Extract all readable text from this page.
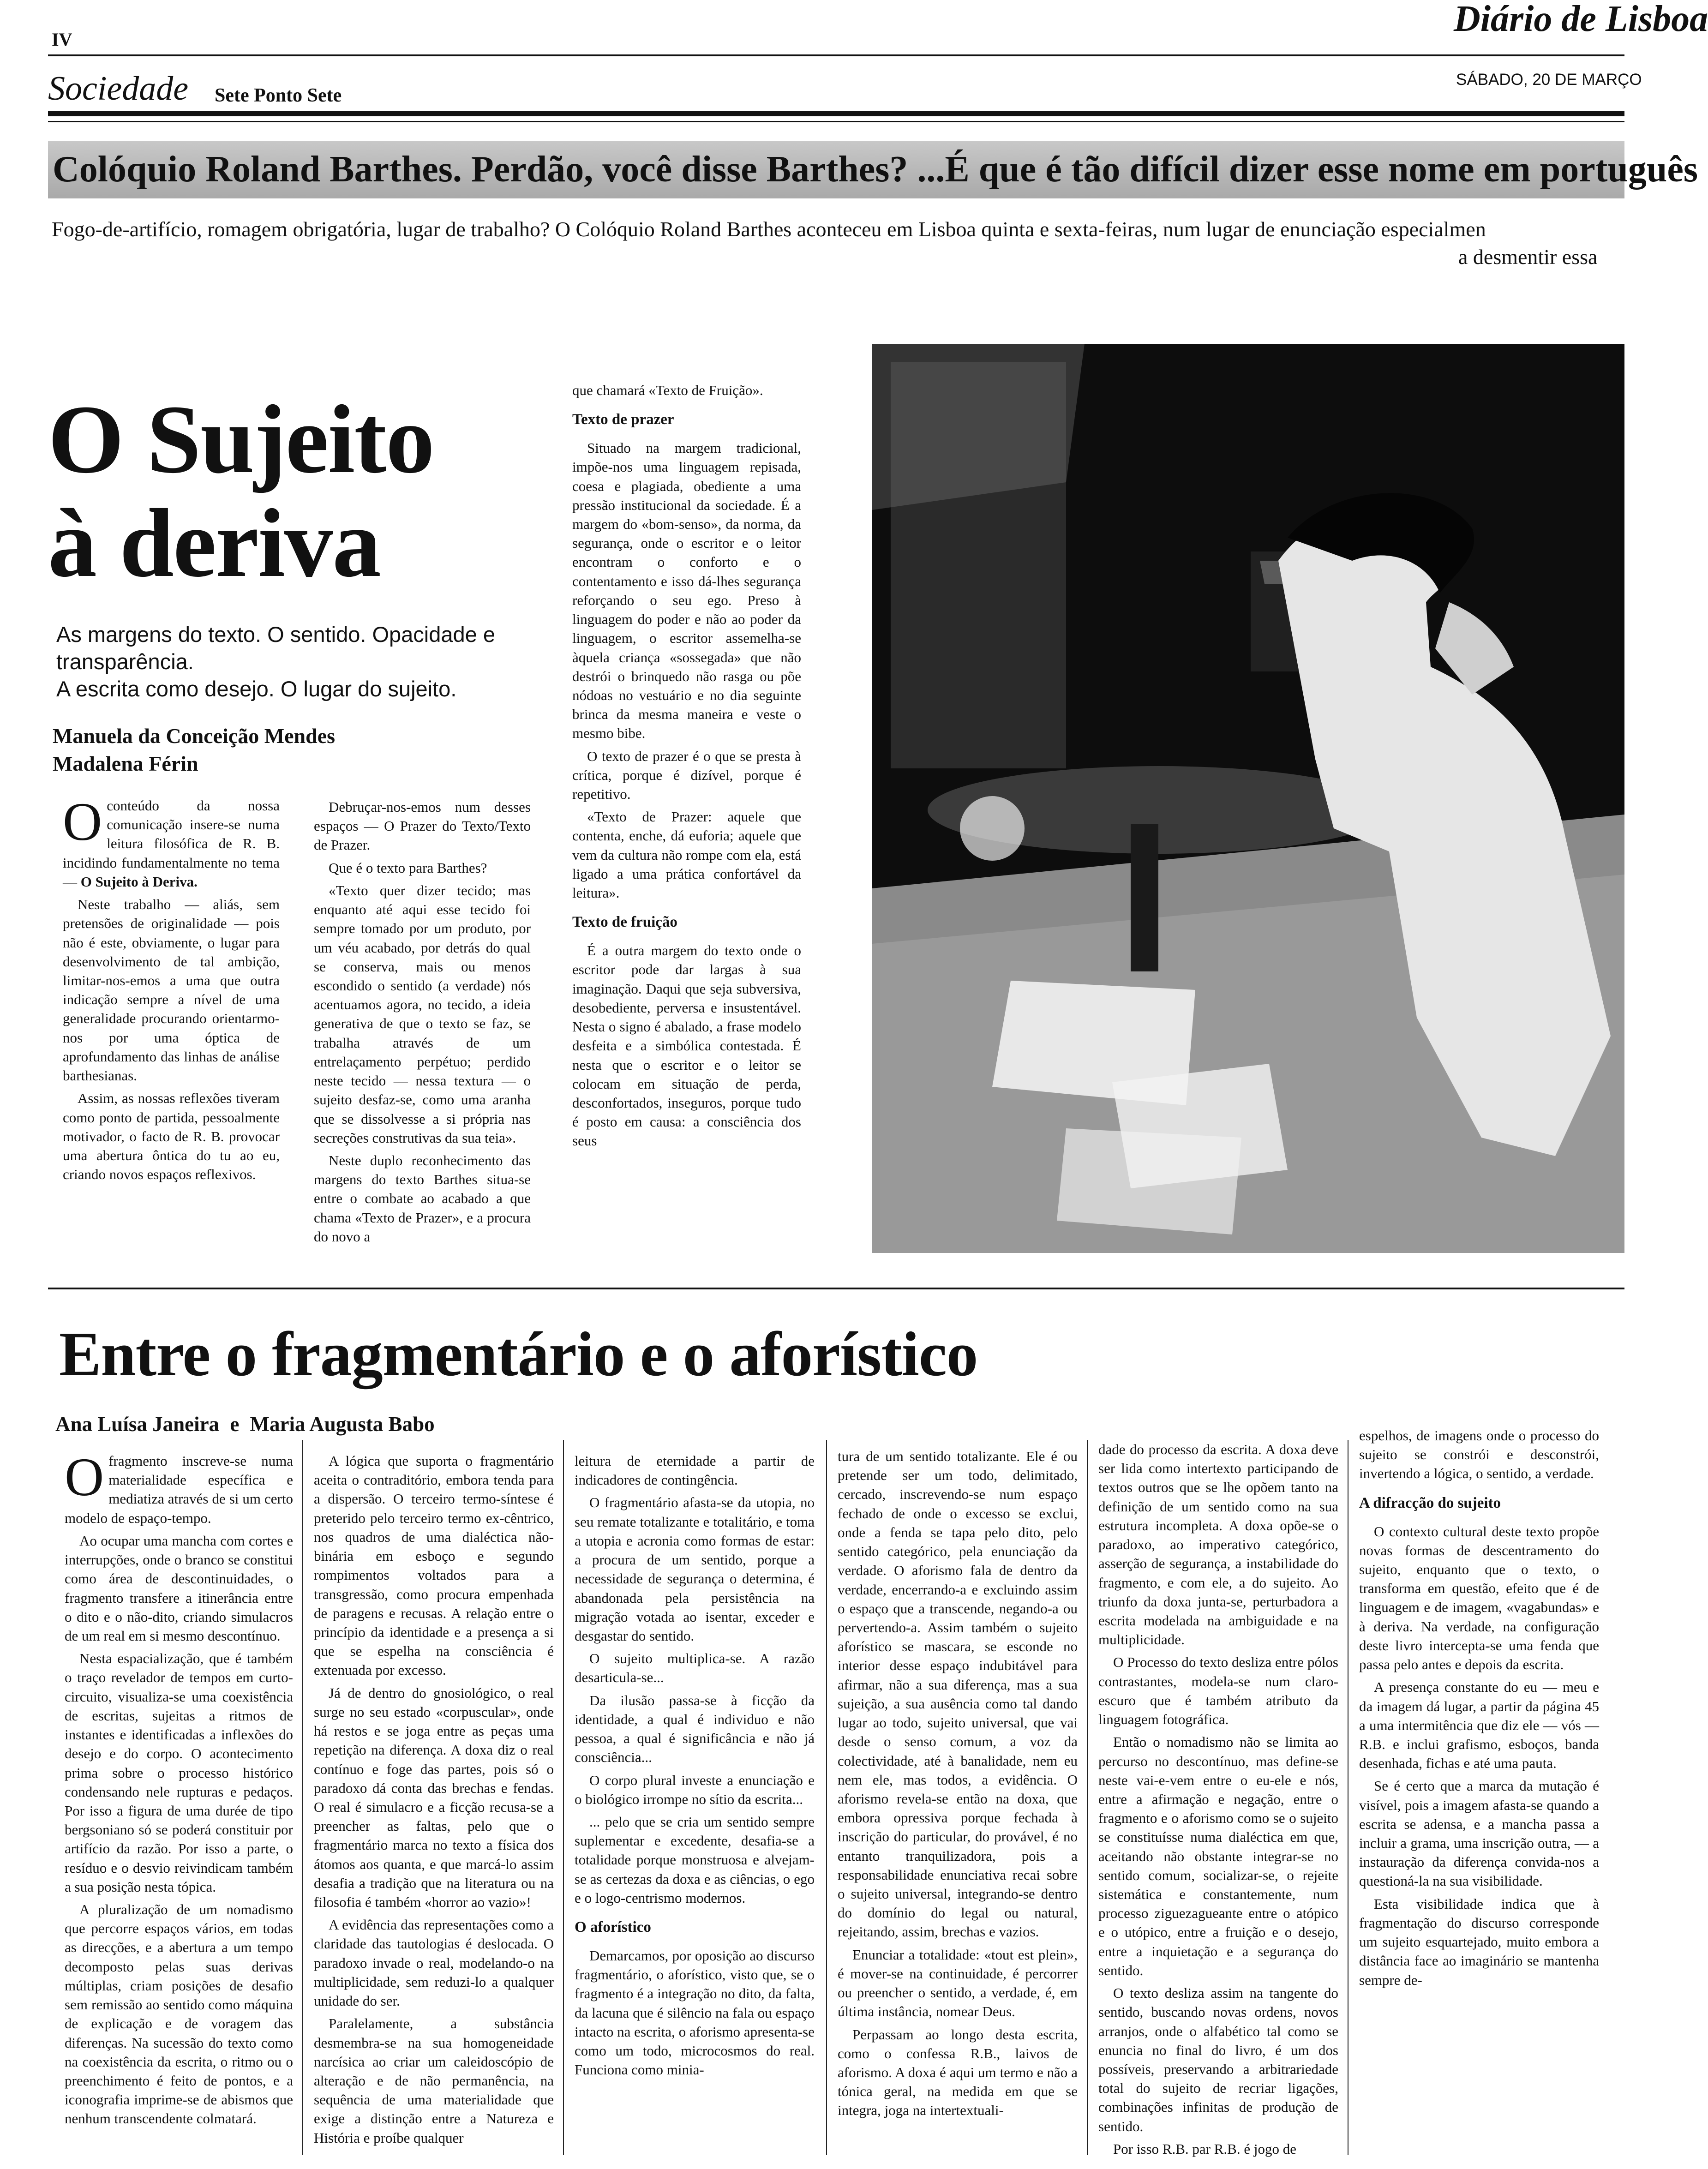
IV
Diário de Lisboa
Sociedade Sete Ponto Sete
SÁBADO, 20 DE MARÇO
Colóquio Roland Barthes. Perdão, você disse Barthes? ...É que é tão difícil dizer esse nome em português
Fogo-de-artifício, romagem obrigatória, lugar de trabalho? O Colóquio Roland Barthes aconteceu em Lisboa quinta e sexta-feiras, num lugar de enunciação especialmen
a desmentir essa
O Sujeito
à deriva
As margens do texto. O sentido. Opacidade e
transparência.
A escrita como desejo. O lugar do sujeito.
Manuela da Conceição Mendes
Madalena Férin

Oconteúdo da nossa comunicação insere-se numa leitura filosófica de R. B. incidindo fundamentalmente no tema — O Sujeito à Deriva.

Neste trabalho — aliás, sem pretensões de originalidade — pois não é este, obviamente, o lugar para desenvolvimento de tal ambição, limitar-nos-emos a uma que outra indicação sempre a nível de uma generalidade procurando orientarmo-nos por uma óptica de aprofundamento das linhas de análise barthesianas.

Assim, as nossas reflexões tiveram como ponto de partida, pessoalmente motivador, o facto de R. B. provocar uma abertura ôntica do tu ao eu, criando novos espaços reflexivos.

Debruçar-nos-emos num desses espaços — O Prazer do Texto/Texto de Prazer.

Que é o texto para Barthes?

«Texto quer dizer tecido; mas enquanto até aqui esse tecido foi sempre tomado por um produto, por um véu acabado, por detrás do qual se conserva, mais ou menos escondido o sentido (a verdade) nós acentuamos agora, no tecido, a ideia generativa de que o texto se faz, se trabalha através de um entrelaçamento perpétuo; perdido neste tecido — nessa textura — o sujeito desfaz-se, como uma aranha que se dissolvesse a si própria nas secreções construtivas da sua teia».

Neste duplo reconhecimento das margens do texto Barthes situa-se entre o combate ao acabado a que chama «Texto de Prazer», e a procura do novo a

que chamará «Texto de Fruição».

Texto de prazer

Situado na margem tradicional, impõe-nos uma linguagem repisada, coesa e plagiada, obediente a uma pressão institucional da sociedade. É a margem do «bom-senso», da norma, da segurança, onde o escritor e o leitor encontram o conforto e o contentamento e isso dá-lhes segurança reforçando o seu ego. Preso à linguagem do poder e não ao poder da linguagem, o escritor assemelha-se àquela criança «sossegada» que não destrói o brinquedo não rasga ou põe nódoas no vestuário e no dia seguinte brinca da mesma maneira e veste o mesmo bibe.

O texto de prazer é o que se presta à crítica, porque é dizível, porque é repetitivo.

«Texto de Prazer: aquele que contenta, enche, dá euforia; aquele que vem da cultura não rompe com ela, está ligado a uma prática confortável da leitura».

Texto de fruição

É a outra margem do texto onde o escritor pode dar largas à sua imaginação. Daqui que seja subversiva, desobediente, perversa e insustentável. Nesta o signo é abalado, a frase modelo desfeita e a simbólica contestada. É nesta que o escritor e o leitor se colocam em situação de perda, desconfortados, inseguros, porque tudo é posto em causa: a consciência dos seus

Entre o fragmentário e o aforístico
Ana Luísa Janeira e Maria Augusta Babo

Ofragmento inscreve-se numa materialidade específica e mediatiza através de si um certo modelo de espaço-tempo.

Ao ocupar uma mancha com cortes e interrupções, onde o branco se constitui como área de descontinuidades, o fragmento transfere a itinerância entre o dito e o não-dito, criando simulacros de um real em si mesmo descontínuo.

Nesta espacialização, que é também o traço revelador de tempos em curto-circuito, visualiza-se uma coexistência de escritas, sujeitas a ritmos de instantes e identificadas a inflexões do desejo e do corpo. O acontecimento prima sobre o processo histórico condensando nele rupturas e pedaços. Por isso a figura de uma durée de tipo bergsoniano só se poderá constituir por artifício da razão. Por isso a parte, o resíduo e o desvio reivindicam também a sua posição nesta tópica.

A pluralização de um nomadismo que percorre espaços vários, em todas as direcções, e a abertura a um tempo decomposto pelas suas derivas múltiplas, criam posições de desafio sem remissão ao sentido como máquina de explicação e de voragem das diferenças. Na sucessão do texto como na coexistência da escrita, o ritmo ou o preenchimento é feito de pontos, e a iconografia imprime-se de abismos que nenhum transcendente colmatará.

A lógica que suporta o fragmentário aceita o contraditório, embora tenda para a dispersão. O terceiro termo-síntese é preterido pelo terceiro termo ex-cêntrico, nos quadros de uma dialéctica não-binária em esboço e segundo rompimentos voltados para a transgressão, como procura empenhada de paragens e recusas. A relação entre o princípio da identidade e a presença a si que se espelha na consciência é extenuada por excesso.

Já de dentro do gnosiológico, o real surge no seu estado «corpuscular», onde há restos e se joga entre as peças uma repetição na diferença. A doxa diz o real contínuo e foge das partes, pois só o paradoxo dá conta das brechas e fendas. O real é simulacro e a ficção recusa-se a preencher as faltas, pelo que o fragmentário marca no texto a física dos átomos aos quanta, e que marcá-lo assim desafia a tradição que na literatura ou na filosofia é também «horror ao vazio»!

A evidência das representações como a claridade das tautologias é deslocada. O paradoxo invade o real, modelando-o na multiplicidade, sem reduzi-lo a qualquer unidade do ser.

Paralelamente, a substância desmembra-se na sua homogeneidade narcísica ao criar um caleidoscópio de alteração e de não permanência, na sequência de uma materialidade que exige a distinção entre a Natureza e História e proíbe qualquer

leitura de eternidade a partir de indicadores de contingência.

O fragmentário afasta-se da utopia, no seu remate totalizante e totalitário, e toma a utopia e acronia como formas de estar: a procura de um sentido, porque a necessidade de segurança o determina, é abandonada pela persistência na migração votada ao isentar, exceder e desgastar do sentido.

O sujeito multiplica-se. A razão desarticula-se...

Da ilusão passa-se à ficção da identidade, a qual é individuo e não pessoa, a qual é significância e não já consciência...

O corpo plural investe a enunciação e o biológico irrompe no sítio da escrita...

... pelo que se cria um sentido sempre suplementar e excedente, desafia-se a totalidade porque monstruosa e alvejam-se as certezas da doxa e as ciências, o ego e o logo-centrismo modernos.

O aforístico

Demarcamos, por oposição ao discurso fragmentário, o aforístico, visto que, se o fragmento é a integração no dito, da falta, da lacuna que é silêncio na fala ou espaço intacto na escrita, o aforismo apresenta-se como um todo, microcosmos do real. Funciona como minia-

tura de um sentido totalizante. Ele é ou pretende ser um todo, delimitado, cercado, inscrevendo-se num espaço fechado de onde o excesso se exclui, onde a fenda se tapa pelo dito, pelo sentido categórico, pela enunciação da verdade. O aforismo fala de dentro da verdade, encerrando-a e excluindo assim o espaço que a transcende, negando-a ou pervertendo-a. Assim também o sujeito aforístico se mascara, se esconde no interior desse espaço indubitável para afirmar, não a sua diferença, mas a sua sujeição, a sua ausência como tal dando lugar ao todo, sujeito universal, que vai desde o senso comum, a voz da colectividade, até à banalidade, nem eu nem ele, mas todos, a evidência. O aforismo revela-se então na doxa, que embora opressiva porque fechada à inscrição do particular, do provável, é no entanto tranquilizadora, pois a responsabilidade enunciativa recai sobre o sujeito universal, integrando-se dentro do domínio do legal ou natural, rejeitando, assim, brechas e vazios.

Enunciar a totalidade: «tout est plein», é mover-se na continuidade, é percorrer ou preencher o sentido, a verdade, é, em última instância, nomear Deus.

Perpassam ao longo desta escrita, como o confessa R.B., laivos de aforismo. A doxa é aqui um termo e não a tónica geral, na medida em que se integra, joga na intertextuali-

dade do processo da escrita. A doxa deve ser lida como intertexto participando de textos outros que se lhe opõem tanto na definição de um sentido como na sua estrutura incompleta. A doxa opõe-se o paradoxo, ao imperativo categórico, asserção de segurança, a instabilidade do fragmento, e com ele, a do sujeito. Ao triunfo da doxa junta-se, perturbadora a escrita modelada na ambiguidade e na multiplicidade.

O Processo do texto desliza entre pólos contrastantes, modela-se num claro-escuro que é também atributo da linguagem fotográfica.

Então o nomadismo não se limita ao percurso no descontínuo, mas define-se neste vai-e-vem entre o eu-ele e nós, entre a afirmação e negação, entre o fragmento e o aforismo como se o sujeito se constituísse numa dialéctica em que, aceitando não obstante integrar-se no sentido comum, socializar-se, o rejeite sistemática e constantemente, num processo ziguezagueante entre o atópico e o utópico, entre a fruição e o desejo, entre a inquietação e a segurança do sentido.

O texto desliza assim na tangente do sentido, buscando novas ordens, novos arranjos, onde o alfabético tal como se enuncia no final do livro, é um dos possíveis, preservando a arbitrariedade total do sujeito de recriar ligações, combinações infinitas de produção de sentido.

Por isso R.B. par R.B. é jogo de

espelhos, de imagens onde o processo do sujeito se constrói e desconstrói, invertendo a lógica, o sentido, a verdade.

A difracção do sujeito

O contexto cultural deste texto propõe novas formas de descentramento do sujeito, enquanto que o texto, o transforma em questão, efeito que é de linguagem e de imagem, «vagabundas» e à deriva. Na verdade, na configuração deste livro intercepta-se uma fenda que passa pelo antes e depois da escrita.

A presença constante do eu — meu e da imagem dá lugar, a partir da página 45 a uma intermitência que diz ele — vós — R.B. e inclui grafismo, esboços, banda desenhada, fichas e até uma pauta.

Se é certo que a marca da mutação é visível, pois a imagem afasta-se quando a escrita se adensa, e a mancha passa a incluir a grama, uma inscrição outra, — a instauração da diferença convida-nos a questioná-la na sua visibilidade.

Esta visibilidade indica que à fragmentação do discurso corresponde um sujeito esquartejado, muito embora a distância face ao imaginário se mantenha sempre de-
